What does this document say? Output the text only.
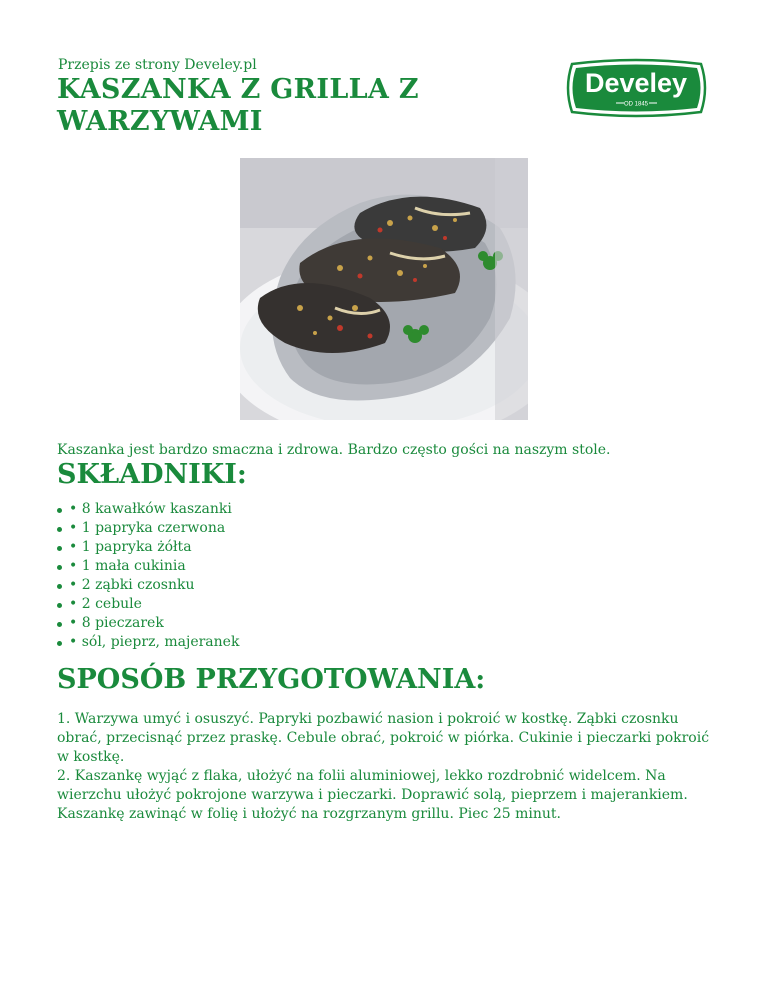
Przepis ze strony Develey.pl
KASZANKA Z GRILLA Z WARZYWAMI
Develey
OD 1845
Kaszanka jest bardzo smaczna i zdrowa. Bardzo często gości na naszym stole.
SKŁADNIKI:
• 8 kawałków kaszanki
• 1 papryka czerwona
• 1 papryka żółta
• 1 mała cukinia
• 2 ząbki czosnku
• 2 cebule
• 8 pieczarek
• sól, pieprz, majeranek
SPOSÓB PRZYGOTOWANIA:

1. Warzywa umyć i osuszyć. Papryki pozbawić nasion i pokroić w kostkę. Ząbki czosnku obrać, przecisnąć przez praskę. Cebule obrać, pokroić w piórka. Cukinie i pieczarki pokroić w kostkę.

2. Kaszankę wyjąć z flaka, ułożyć na folii aluminiowej, lekko rozdrobnić widelcem. Na wierzchu ułożyć pokrojone warzywa i pieczarki. Doprawić solą, pieprzem i majerankiem. Kaszankę zawinąć w folię i ułożyć na rozgrzanym grillu. Piec 25 minut.
